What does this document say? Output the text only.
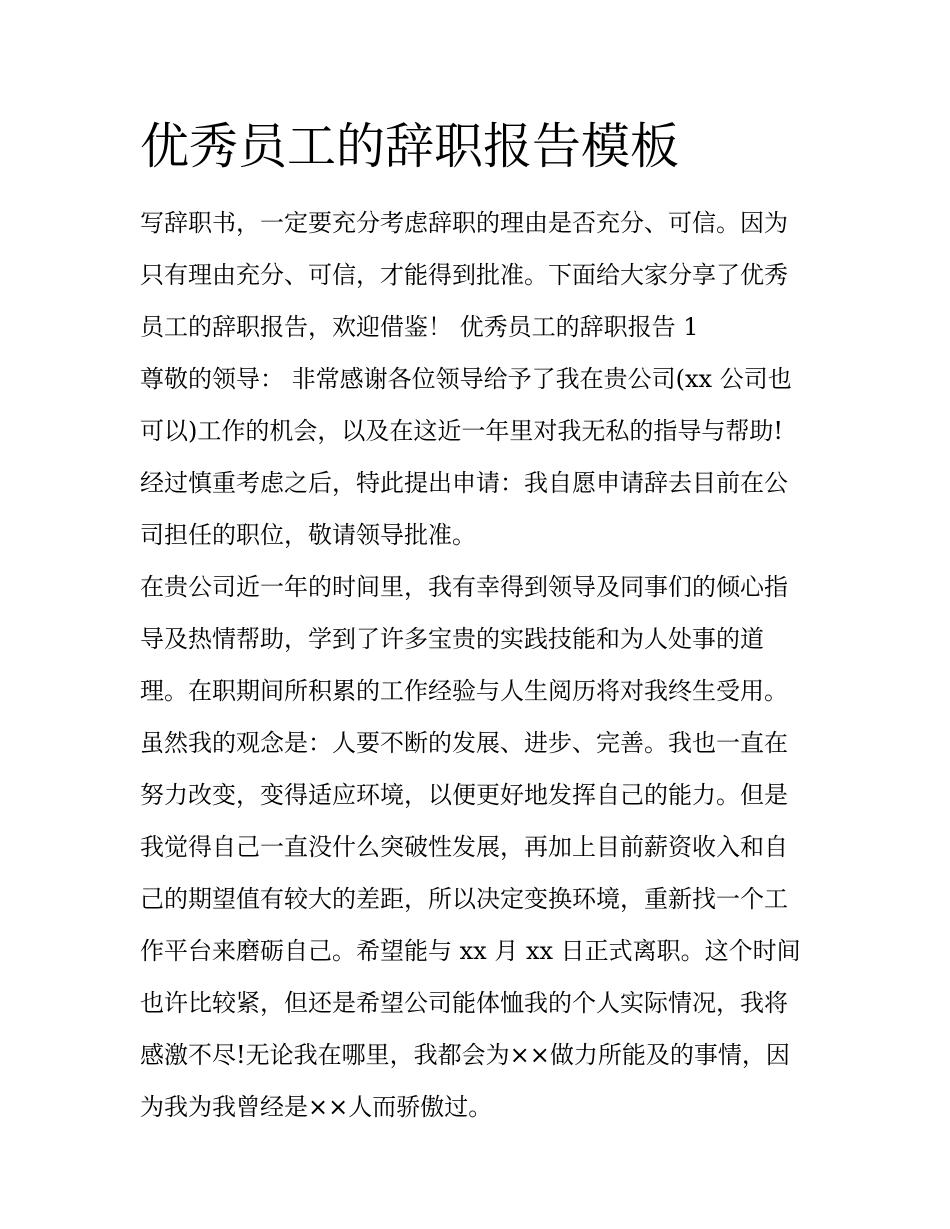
优秀员工的辞职报告模板

写辞职书，一定要充分考虑辞职的理由是否充分、可信。因为

只有理由充分、可信，才能得到批准。下面给大家分享了优秀

员工的辞职报告，欢迎借鉴！ 优秀员工的辞职报告 1

尊敬的领导： 非常感谢各位领导给予了我在贵公司(xx 公司也

可以)工作的机会，以及在这近一年里对我无私的指导与帮助!

经过慎重考虑之后，特此提出申请：我自愿申请辞去目前在公

司担任的职位，敬请领导批准。

在贵公司近一年的时间里，我有幸得到领导及同事们的倾心指

导及热情帮助，学到了许多宝贵的实践技能和为人处事的道

理。在职期间所积累的工作经验与人生阅历将对我终生受用。

虽然我的观念是：人要不断的发展、进步、完善。我也一直在

努力改变，变得适应环境，以便更好地发挥自己的能力。但是

我觉得自己一直没什么突破性发展，再加上目前薪资收入和自

己的期望值有较大的差距，所以决定变换环境，重新找一个工

作平台来磨砺自己。希望能与 xx 月 xx 日正式离职。这个时间

也许比较紧，但还是希望公司能体恤我的个人实际情况，我将

感激不尽!无论我在哪里，我都会为××做力所能及的事情，因

为我为我曾经是××人而骄傲过。
